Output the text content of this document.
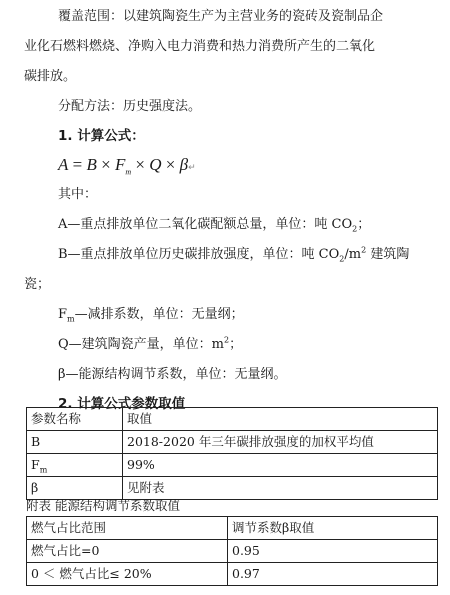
覆盖范围：以建筑陶瓷生产为主营业务的瓷砖及瓷制品企
业化石燃料燃烧、净购入电力消费和热力消费所产生的二氧化
碳排放。
分配方法：历史强度法。
1. 计算公式：
$A = B \times F_m \times Q$ × β↵
其中：
A—重点排放单位二氧化碳配额总量，单位：吨 $CO_2$；
B—重点排放单位历史碳排放强度，单位：吨 $CO_2/m^2$ 建筑陶
瓷；
$F_m—$减排系数，单位：无量纲；
Q—建筑陶瓷产量，单位：$m^2$；
β—能源结构调节系数，单位：无量纲。
2. 计算公式参数取值
参数名称	取值
B	2018-2020 年三年碳排放强度的加权平均值
$F_m$	99%
β	见附表
附表 能源结构调节系数取值
燃气占比范围	调节系数β取值
燃气占比=0	0.95
0 ＜ 燃气占比≤ 20%	0.97
